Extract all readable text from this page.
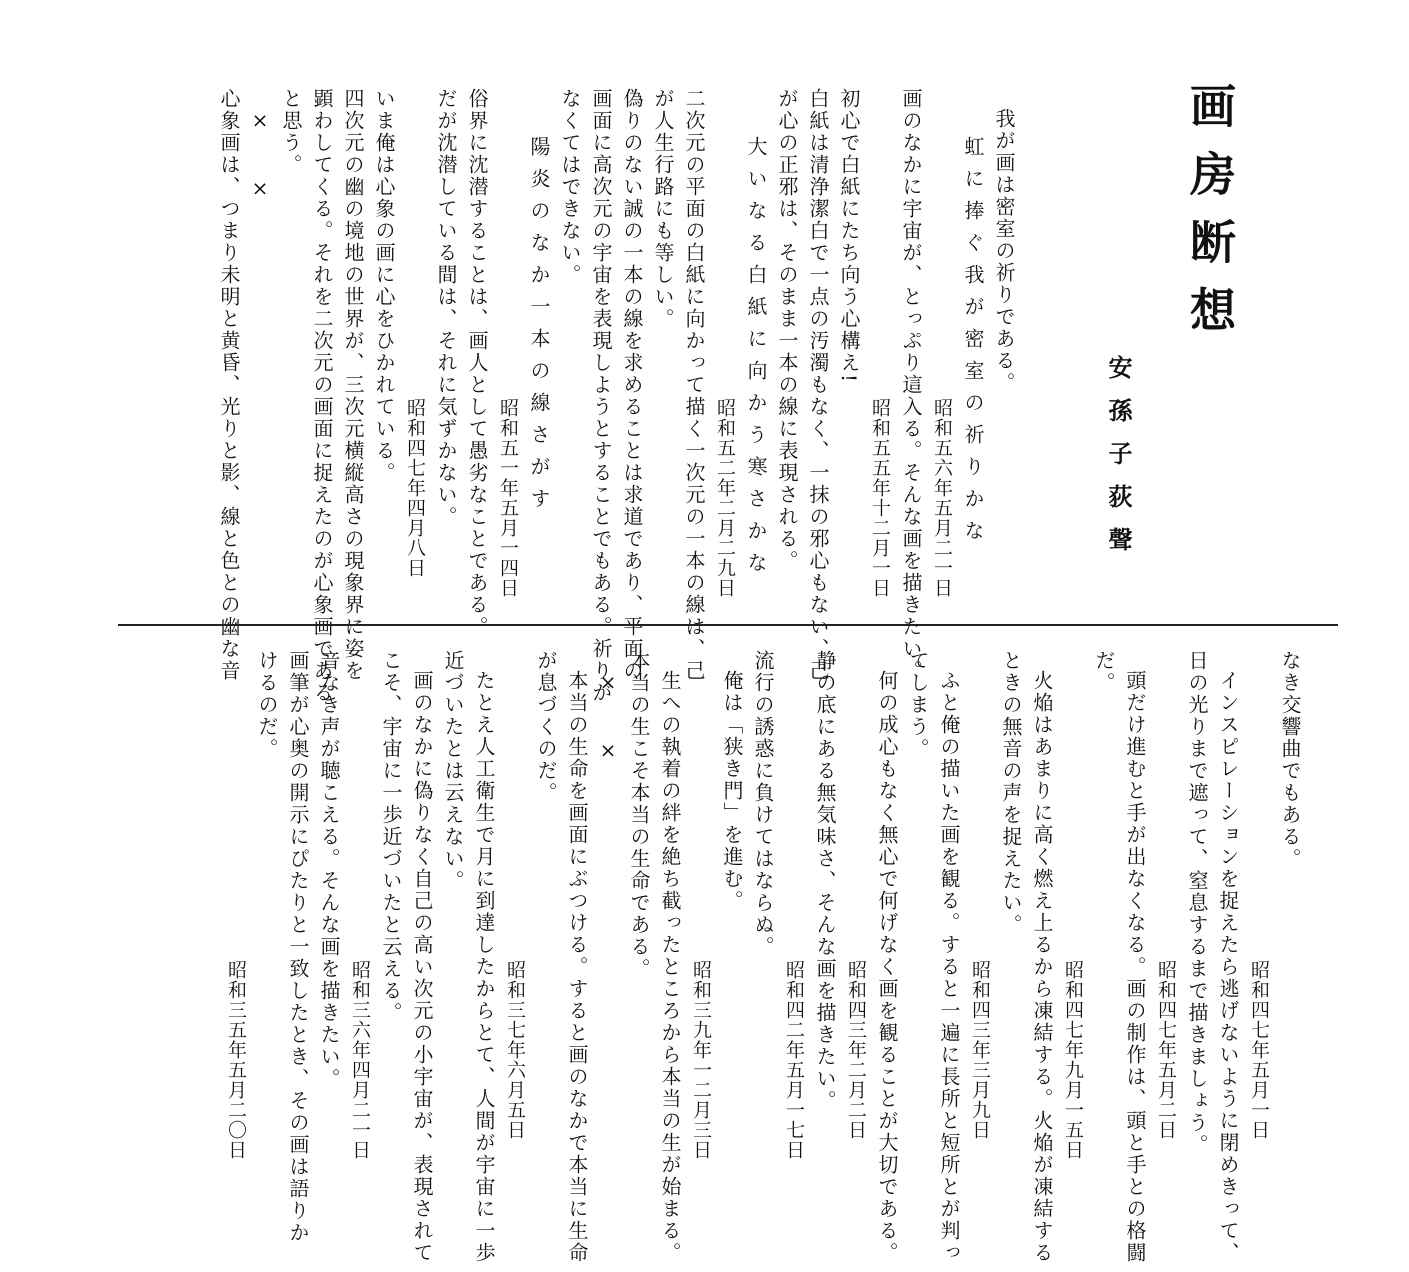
画房断想
安孫子荻聲
我が画は密室の祈りである。
虹に捧ぐ我が密室の祈りかな
昭和五六年五月二一日
画のなかに宇宙が、とっぷり這入る。そんな画を描きたい。
昭和五五年十二月一日
初心で白紙にたち向う心構え!
白紙は清浄潔白で一点の汚濁もなく、一抹の邪心もない、己
が心の正邪は、そのまま一本の線に表現される。
大いなる白紙に向かう寒さかな
昭和五二年二月二九日
二次元の平面の白紙に向かって描く一次元の一本の線は、己
が人生行路にも等しい。
偽りのない誠の一本の線を求めることは求道であり、平面の
画面に高次元の宇宙を表現しようとすることでもある。祈りが
なくてはできない。
陽炎のなか一本の線さがす
昭和五一年五月一四日
俗界に沈潜することは、画人として愚劣なことである。
だが沈潜している間は、それに気ずかない。
昭和四七年四月八日
いま俺は心象の画に心をひかれている。
四次元の幽の境地の世界が、三次元横縦高さの現象界に姿を
顕わしてくる。それを二次元の画面に捉えたのが心象画である
と思う。
×　×
心象画は、つまり未明と黄昏、光りと影、線と色との幽な音
なき交響曲でもある。
昭和四七年五月一日
インスピレーションを捉えたら逃げないように閉めきって、
日の光りまで遮って、窒息するまで描きましょう。
昭和四七年五月二日
頭だけ進むと手が出なくなる。画の制作は、頭と手との格闘
だ。
昭和四七年九月一五日
火焔はあまりに高く燃え上るから凍結する。火焔が凍結する
ときの無音の声を捉えたい。
昭和四三年三月九日
ふと俺の描いた画を観る。すると一遍に長所と短所とが判っ
てしまう。
何の成心もなく無心で何げなく画を観ることが大切である。
昭和四三年二月二日
静の底にある無気味さ、そんな画を描きたい。
昭和四二年五月一七日
流行の誘惑に負けてはならぬ。
俺は「狭き門」を進む。
昭和三九年一二月三日
生への執着の絆を絶ち截ったところから本当の生が始まる。
本当の生こそ本当の生命である。
×　×
本当の生命を画面にぶつける。すると画のなかで本当に生命
が息づくのだ。
昭和三七年六月五日
たとえ人工衛生で月に到達したからとて、人間が宇宙に一歩
近づいたとは云えない。
画のなかに偽りなく自己の高い次元の小宇宙が、表現されて
こそ、宇宙に一歩近づいたと云える。
昭和三六年四月二一日
音なき声が聴こえる。そんな画を描きたい。
画筆が心奥の開示にぴたりと一致したとき、その画は語りか
けるのだ。
昭和三五年五月二〇日
